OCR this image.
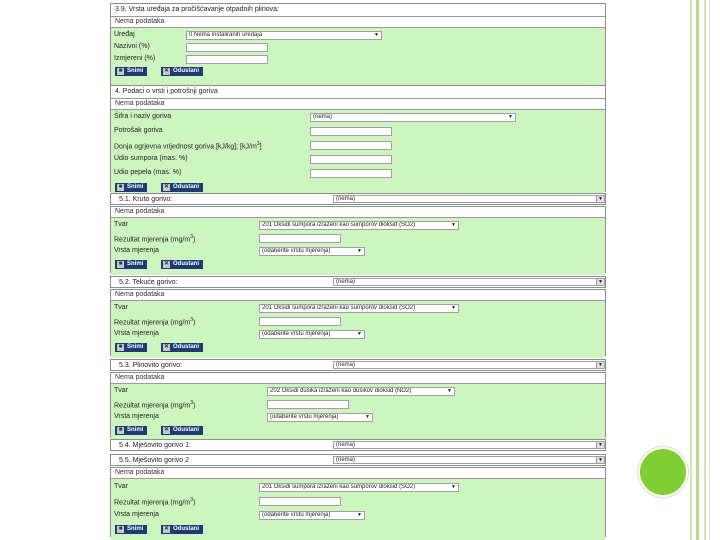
3.9. Vrsta uređaja za pročišćavanje otpadnih plinova:
Nema podataka
Uređaj	0 Nema instaliranih uređaja	▼
Nazivni (%)
Izmjereni (%)
■ Snimi	✕ Odustani
4. Podaci o vrsti i potrošnji goriva
Nema podataka
Šifra i naziv goriva	(nema)	▼
Potrošak goriva
Donja ogrjevna vrijednost goriva [kJ/kg]; $[kJ/m^3]$
Udio sumpora (mas. %)
Udio pepela (mas. %)
■ Snimi	✕ Odustani
5.1. Kruto gorivo:	(nema)	▼
Nema podataka
Tvar	201 Oksidi sumpora izraženi kao sumporov dioksid (SO2)	▼
Rezultat mjerenja $(mg/m^3)$
Vrsta mjerenja	(odaberite vrstu mjerenja)	▼
■ Snimi	✕ Odustani
5.2. Tekuće gorivo:	(nema)	▼
Nema podataka
Tvar	201 Oksidi sumpora izraženi kao sumporov dioksid (SO2)	▼
Rezultat mjerenja $(mg/m^3)$
Vrsta mjerenja	(odaberite vrstu mjerenja)	▼
■ Snimi	✕ Odustani
5.3. Plinovito gorivo:	(nema)	▼
Nema podataka
Tvar	202 Oksidi dušika izraženi kao dušikov dioksid (NO2)	▼
Rezultat mjerenja $(mg/m^3)$
Vrsta mjerenja	(odaberite vrstu mjerenja)	▼
■ Snimi	✕ Odustani
5.4. Mješovito gorivo 1:	(nema)	▼
5.5. Mješovito gorivo 2	(nema)	▼
Nema podataka
Tvar	201 Oksidi sumpora izraženi kao sumporov dioksid (SO2)	▼
Rezultat mjerenja $(mg/m^3)$
Vrsta mjerenja	(odaberite vrstu mjerenja)	▼
■ Snimi	✕ Odustani
